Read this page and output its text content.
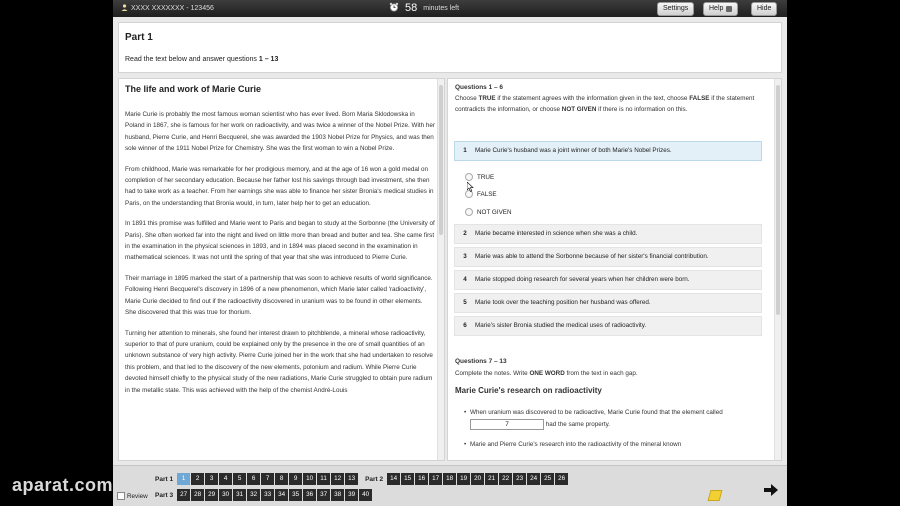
XXXX XXXXXXX - 123456	58 minutes left	Settings	Help	Hide
Part 1
Read the text below and answer questions 1 – 13
The life and work of Marie Curie

Marie Curie is probably the most famous woman scientist who has ever lived. Born Maria Sklodowska in Poland in 1867, she is famous for her work on radioactivity, and was twice a winner of the Nobel Prize. With her husband, Pierre Curie, and Henri Becquerel, she was awarded the 1903 Nobel Prize for Physics, and was then sole winner of the 1911 Nobel Prize for Chemistry. She was the first woman to win a Nobel Prize.

From childhood, Marie was remarkable for her prodigious memory, and at the age of 16 won a gold medal on completion of her secondary education. Because her father lost his savings through bad investment, she then had to take work as a teacher. From her earnings she was able to finance her sister Bronia's medical studies in Paris, on the understanding that Bronia would, in turn, later help her to get an education.

In 1891 this promise was fulfilled and Marie went to Paris and began to study at the Sorbonne (the University of Paris). She often worked far into the night and lived on little more than bread and butter and tea. She came first in the examination in the physical sciences in 1893, and in 1894 was placed second in the examination in mathematical sciences. It was not until the spring of that year that she was introduced to Pierre Curie.

Their marriage in 1895 marked the start of a partnership that was soon to achieve results of world significance. Following Henri Becquerel's discovery in 1896 of a new phenomenon, which Marie later called 'radioactivity', Marie Curie decided to find out if the radioactivity discovered in uranium was to be found in other elements. She discovered that this was true for thorium.

Turning her attention to minerals, she found her interest drawn to pitchblende, a mineral whose radioactivity, superior to that of pure uranium, could be explained only by the presence in the ore of small quantities of an unknown substance of very high activity. Pierre Curie joined her in the work that she had undertaken to resolve this problem, and that led to the discovery of the new elements, polonium and radium. While Pierre Curie devoted himself chiefly to the physical study of the new radiations, Marie Curie struggled to obtain pure radium in the metallic state. This was achieved with the help of the chemist André-Louis

Questions 1 – 6
Choose TRUE if the statement agrees with the information given in the text, choose FALSE if the statement contradicts the information, or choose NOT GIVEN if there is no information on this.
1 Marie Curie's husband was a joint winner of both Marie's Nobel Prizes.
TRUE
FALSE
NOT GIVEN
2 Marie became interested in science when she was a child.
3 Marie was able to attend the Sorbonne because of her sister's financial contribution.
4 Marie stopped doing research for several years when her children were born.
5 Marie took over the teaching position her husband was offered.
6 Marie's sister Bronia studied the medical uses of radioactivity.
Questions 7 – 13
Complete the notes. Write ONE WORD from the text in each gap.
Marie Curie's research on radioactivity
• When uranium was discovered to be radioactive, Marie Curie found that the element called 7	had the same property.
• Marie and Pierre Curie's research into the radioactivity of the mineral known
Part 1	1	2	3	4	5	6	7	8	9	10	11	12	13	Part 2	14	15	16	17	18	19	20	21	22	23	24	25	26
Part 3	27	28	29	30	31	32	33	34	35	36	37	38	39	40
Review
aparat.com
